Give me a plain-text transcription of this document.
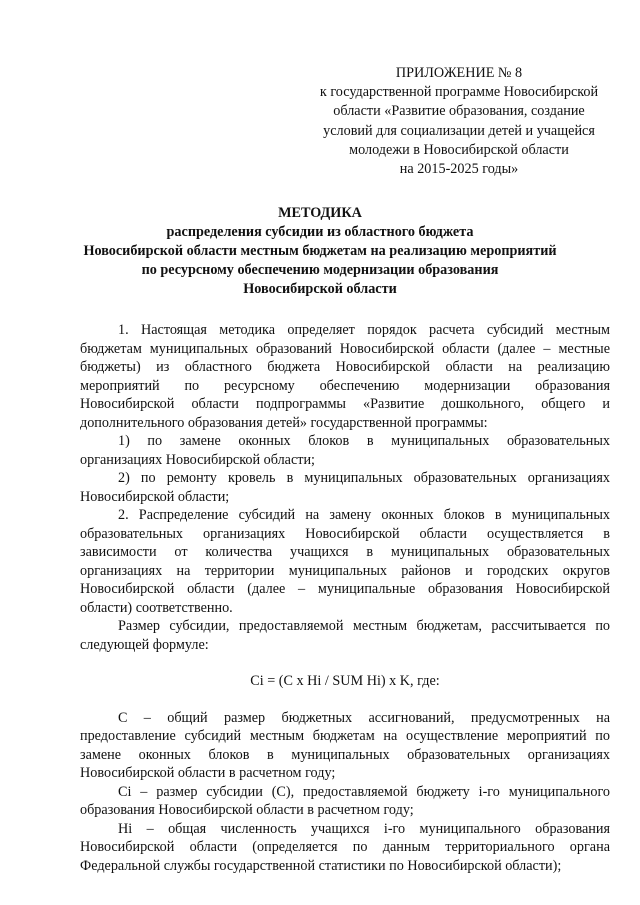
ПРИЛОЖЕНИЕ № 8
к государственной программе Новосибирской
области «Развитие образования, создание
условий для социализации детей и учащейся
молодежи в Новосибирской области
на 2015-2025 годы»
МЕТОДИКА
распределения субсидии из областного бюджета
Новосибирской области местным бюджетам на реализацию мероприятий
по ресурсному обеспечению модернизации образования
Новосибирской области
1. Настоящая методика определяет порядок расчета субсидий местным
бюджетам муниципальных образований Новосибирской области (далее – местные
бюджеты) из областного бюджета Новосибирской области на реализацию
мероприятий по ресурсному обеспечению модернизации образования
Новосибирской области подпрограммы «Развитие дошкольного, общего и
дополнительного образования детей» государственной программы:
1) по замене оконных блоков в муниципальных образовательных
организациях Новосибирской области;
2) по ремонту кровель в муниципальных образовательных организациях
Новосибирской области;
2. Распределение субсидий на замену оконных блоков в муниципальных
образовательных организациях Новосибирской области осуществляется в
зависимости от количества учащихся в муниципальных образовательных
организациях на территории муниципальных районов и городских округов
Новосибирской области (далее – муниципальные образования Новосибирской
области) соответственно.
Размер субсидии, предоставляемой местным бюджетам, рассчитывается по
следующей формуле:
Ci = (C x Hi / SUM Hi) x K, где:
С – общий размер бюджетных ассигнований, предусмотренных на
предоставление субсидий местным бюджетам на осуществление мероприятий по
замене оконных блоков в муниципальных образовательных организациях
Новосибирской области в расчетном году;
Сi – размер субсидии (С), предоставляемой бюджету i-го муниципального
образования Новосибирской области в расчетном году;
Hi – общая численность учащихся i-го муниципального образования
Новосибирской области (определяется по данным территориального органа
Федеральной службы государственной статистики по Новосибирской области);
